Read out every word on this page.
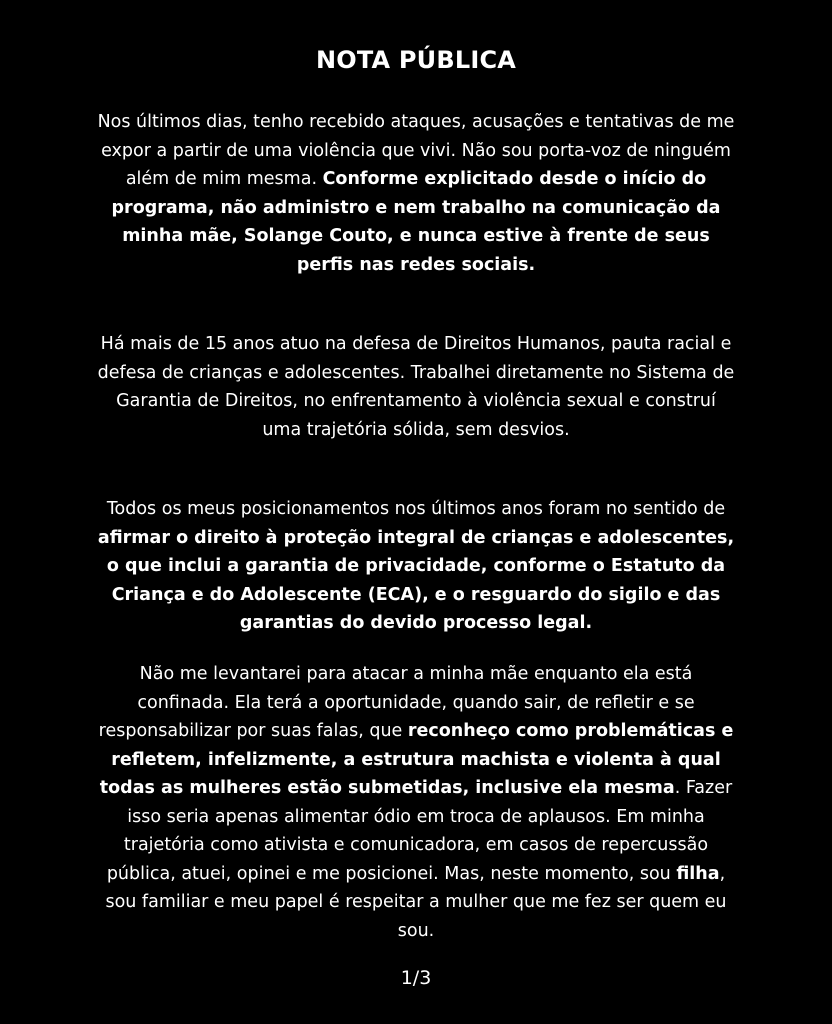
NOTA PÚBLICA

Nos últimos dias, tenho recebido ataques, acusações e tentativas de me expor a partir de uma violência que vivi. Não sou porta-voz de ninguém além de mim mesma. Conforme explicitado desde o início do programa, não administro e nem trabalho na comunicação da minha mãe, Solange Couto, e nunca estive à frente de seus perfis nas redes sociais.

Há mais de 15 anos atuo na defesa de Direitos Humanos, pauta racial e defesa de crianças e adolescentes. Trabalhei diretamente no Sistema de Garantia de Direitos, no enfrentamento à violência sexual e construí uma trajetória sólida, sem desvios.

Todos os meus posicionamentos nos últimos anos foram no sentido de afirmar o direito à proteção integral de crianças e adolescentes, o que inclui a garantia de privacidade, conforme o Estatuto da Criança e do Adolescente (ECA), e o resguardo do sigilo e das garantias do devido processo legal.

Não me levantarei para atacar a minha mãe enquanto ela está confinada. Ela terá a oportunidade, quando sair, de refletir e se responsabilizar por suas falas, que reconheço como problemáticas e refletem, infelizmente, a estrutura machista e violenta à qual todas as mulheres estão submetidas, inclusive ela mesma. Fazer isso seria apenas alimentar ódio em troca de aplausos. Em minha trajetória como ativista e comunicadora, em casos de repercussão pública, atuei, opinei e me posicionei. Mas, neste momento, sou filha, sou familiar e meu papel é respeitar a mulher que me fez ser quem eu sou.

1/3
